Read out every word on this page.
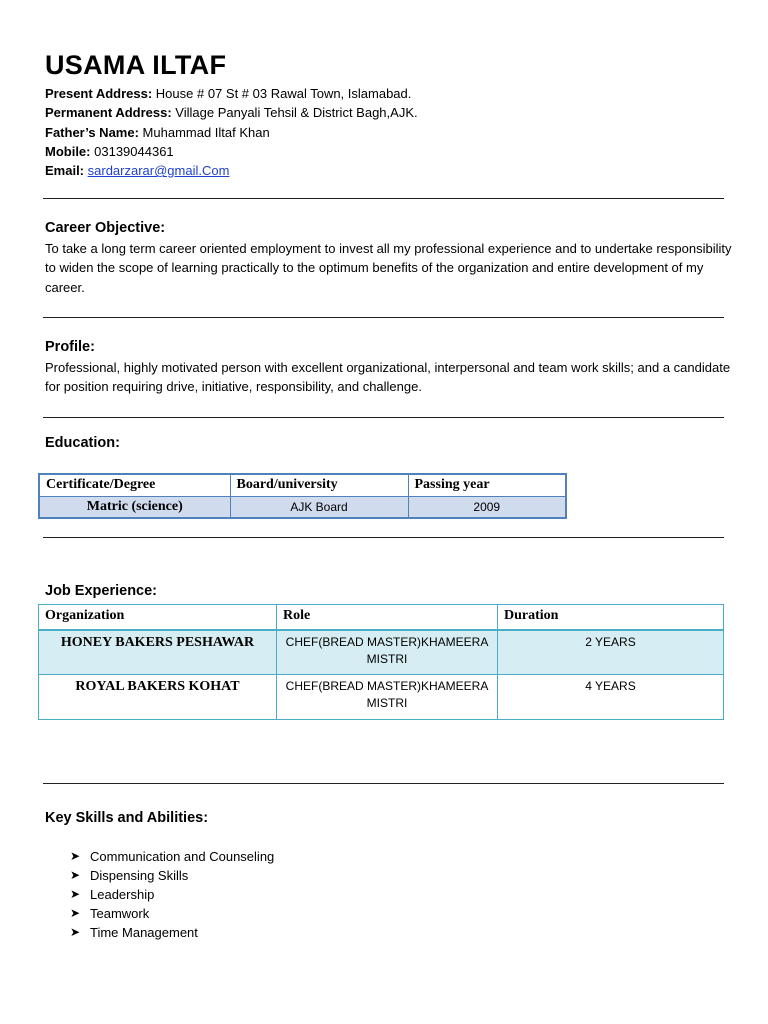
USAMA ILTAF
Present Address: House # 07 St # 03 Rawal Town, Islamabad.
Permanent Address: Village Panyali Tehsil & District Bagh,AJK.
Father’s Name: Muhammad Iltaf Khan
Mobile: 03139044361
Email: sardarzarar@gmail.Com
Career Objective:
To take a long term career oriented employment to invest all my professional experience and to undertake responsibility to widen the scope of learning practically to the optimum benefits of the organization and entire development of my career.
Profile:
Professional, highly motivated person with excellent organizational, interpersonal and team work skills; and a candidate for position requiring drive, initiative, responsibility, and challenge.
Education:
Certificate/Degree	Board/university	Passing year
Matric (science)	AJK Board	2009
Job Experience:
Organization	Role	Duration
HONEY BAKERS PESHAWAR	CHEF(BREAD MASTER)KHAMEERA MISTRI	2 YEARS
ROYAL BAKERS KOHAT	CHEF(BREAD MASTER)KHAMEERA MISTRI	4 YEARS
Key Skills and Abilities:
➤ Communication and Counseling
➤ Dispensing Skills
➤ Leadership
➤ Teamwork
➤ Time Management
